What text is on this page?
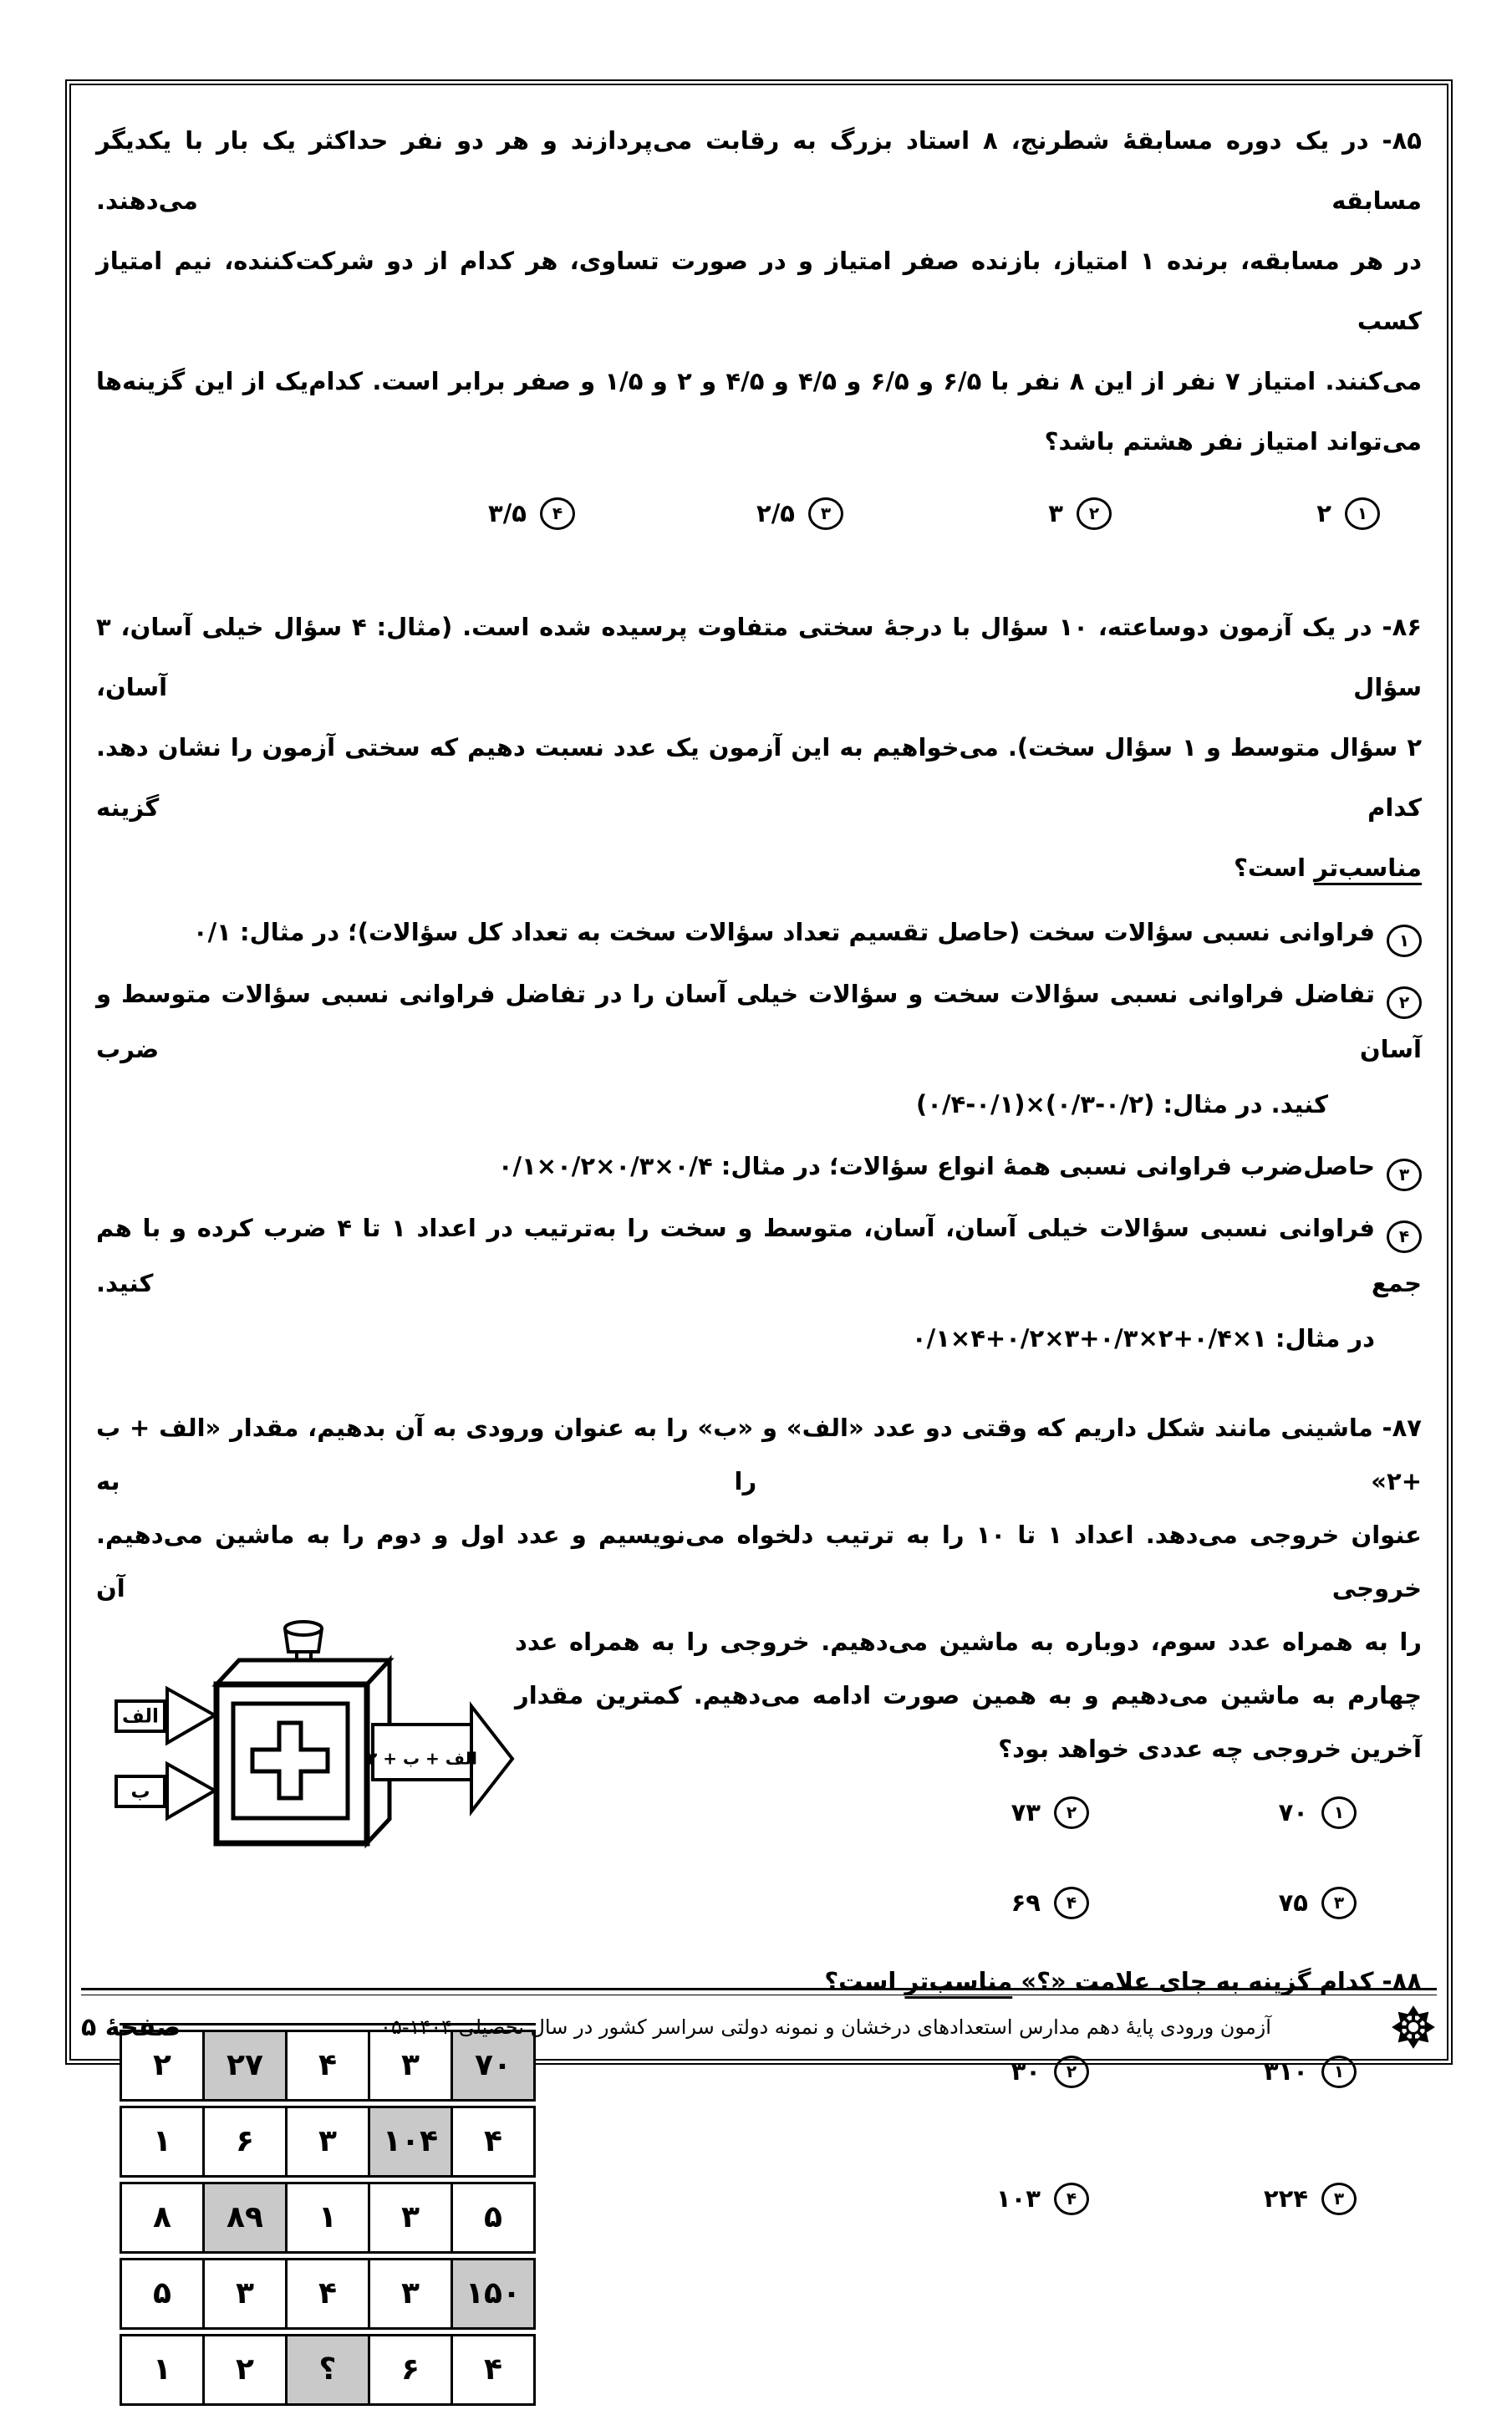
۸۵- در یک دوره مسابقهٔ شطرنج، ۸ استاد بزرگ به رقابت می‌پردازند و هر دو نفر حداکثر یک بار با یکدیگر مسابقه می‌دهند.
در هر مسابقه، برنده ۱ امتیاز، بازنده صفر امتیاز و در صورت تساوی، هر کدام از دو شرکت‌کننده، نیم امتیاز کسب
می‌کنند. امتیاز ۷ نفر از این ۸ نفر با ۶/۵ و ۶/۵ و ۴/۵ و ۴/۵ و ۲ و ۱/۵ و صفر برابر است. کدام‌یک از این گزینه‌ها
می‌تواند امتیاز نفر هشتم باشد؟
۱
۲
۲
۳
۳
۲/۵
۴
۳/۵
۸۶- در یک آزمون دوساعته، ۱۰ سؤال با درجهٔ سختی متفاوت پرسیده شده است. (مثال: ۴ سؤال خیلی آسان، ۳ سؤال آسان،
۲ سؤال متوسط و ۱ سؤال سخت). می‌خواهیم به این آزمون یک عدد نسبت دهیم که سختی آزمون را نشان دهد. کدام گزینه
مناسب‌تر است؟
۱فراوانی نسبی سؤالات سخت (حاصل تقسیم تعداد سؤالات سخت به تعداد کل سؤالات)؛ در مثال: ۰/۱
۲تفاضل فراوانی نسبی سؤالات سخت و سؤالات خیلی آسان را در تفاضل فراوانی نسبی سؤالات متوسط و آسان ضرب
کنید. در مثال: (۰/۴-۰/۱)×(۰/۳-۰/۲)
۳حاصل‌ضرب فراوانی نسبی همهٔ انواع سؤالات؛ در مثال: ۰/۱×۰/۲×۰/۳×۰/۴
۴فراوانی نسبی سؤالات خیلی آسان، آسان، متوسط و سخت را به‌ترتیب در اعداد ۱ تا ۴ ضرب کرده و با هم جمع کنید.
در مثال: ۰/۱×۴+۰/۲×۳+۰/۳×۲+۰/۴×۱
۸۷- ماشینی مانند شکل داریم که وقتی دو عدد «الف» و «ب» را به عنوان ورودی به آن بدهیم، مقدار «الف + ب +۲» را به
عنوان خروجی می‌دهد. اعداد ۱ تا ۱۰ را به ترتیب دلخواه می‌نویسیم و عدد اول و دوم را به ماشین می‌دهیم. خروجی آن
را به همراه عدد سوم، دوباره به ماشین می‌دهیم. خروجی را به همراه عدد
چهارم به ماشین می‌دهیم و به همین صورت ادامه می‌دهیم. کمترین مقدار
آخرین خروجی چه عددی خواهد بود؟
۱
۷۰
۲
۷۳
۳
۷۵
۴
۶۹
الف + ب + ۲
الف
ب
۸۸- کدام گزینه به جای علامت «؟» مناسب‌تر است؟
۱
۳۱۰
۲
۳۰
۳
۲۲۴
۴
۱۰۳
۲	۲۷	۴	۳	۷۰
۱	۶	۳	۱۰۴	۴
۸	۸۹	۱	۳	۵
۵	۳	۴	۳	۱۵۰
۱	۲	؟	۶	۴
صفحهٔ ۵	آزمون ورودی پایهٔ دهم مدارس استعدادهای درخشان و نمونه دولتی سراسر کشور در سال تحصیلی ۱۴۰۴-۰۵
